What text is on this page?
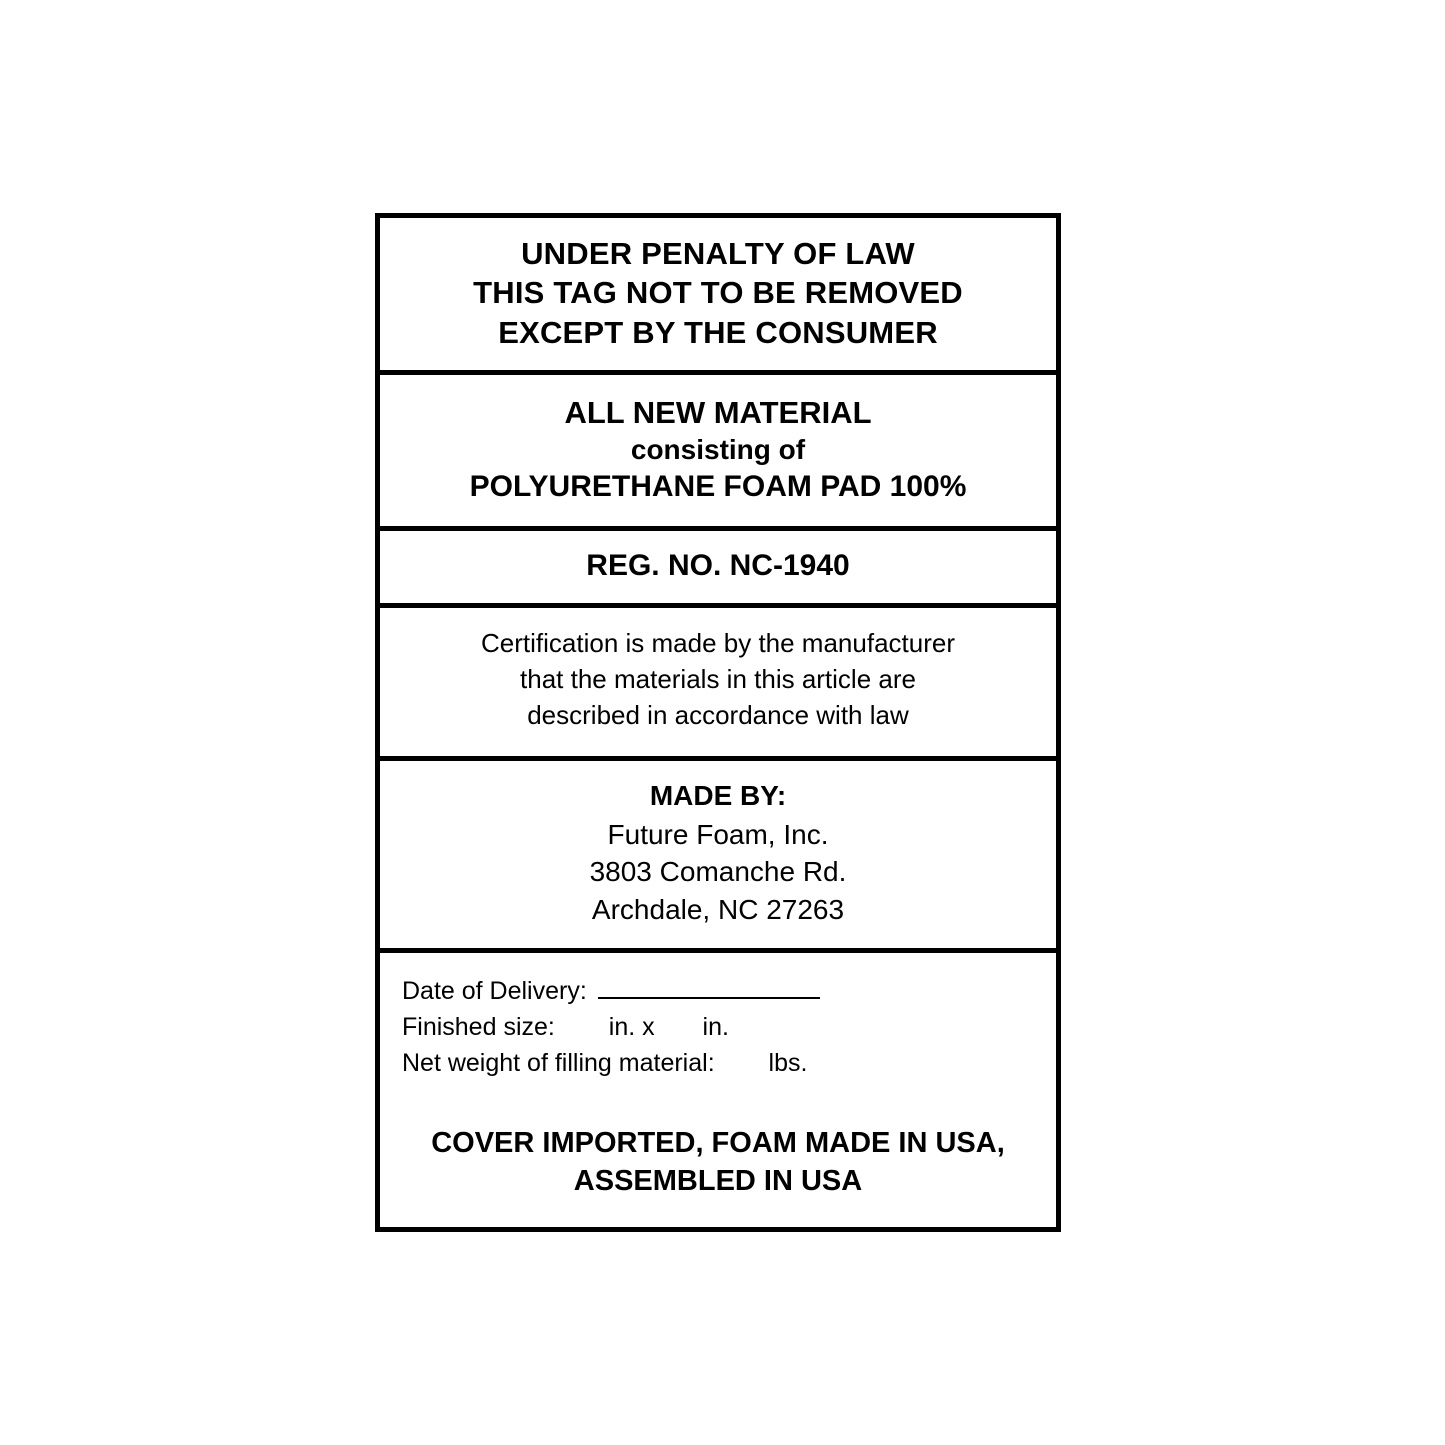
UNDER PENALTY OF LAW
THIS TAG NOT TO BE REMOVED
EXCEPT BY THE CONSUMER
ALL NEW MATERIAL
consisting of
POLYURETHANE FOAM PAD 100%
REG. NO. NC-1940
Certification is made by the manufacturer
that the materials in this article are
described in accordance with law
MADE BY:
Future Foam, Inc.
3803 Comanche Rd.
Archdale, NC 27263
Date of Delivery:
Finished size: in. x in.
Net weight of filling material: lbs.
COVER IMPORTED, FOAM MADE IN USA,
ASSEMBLED IN USA
